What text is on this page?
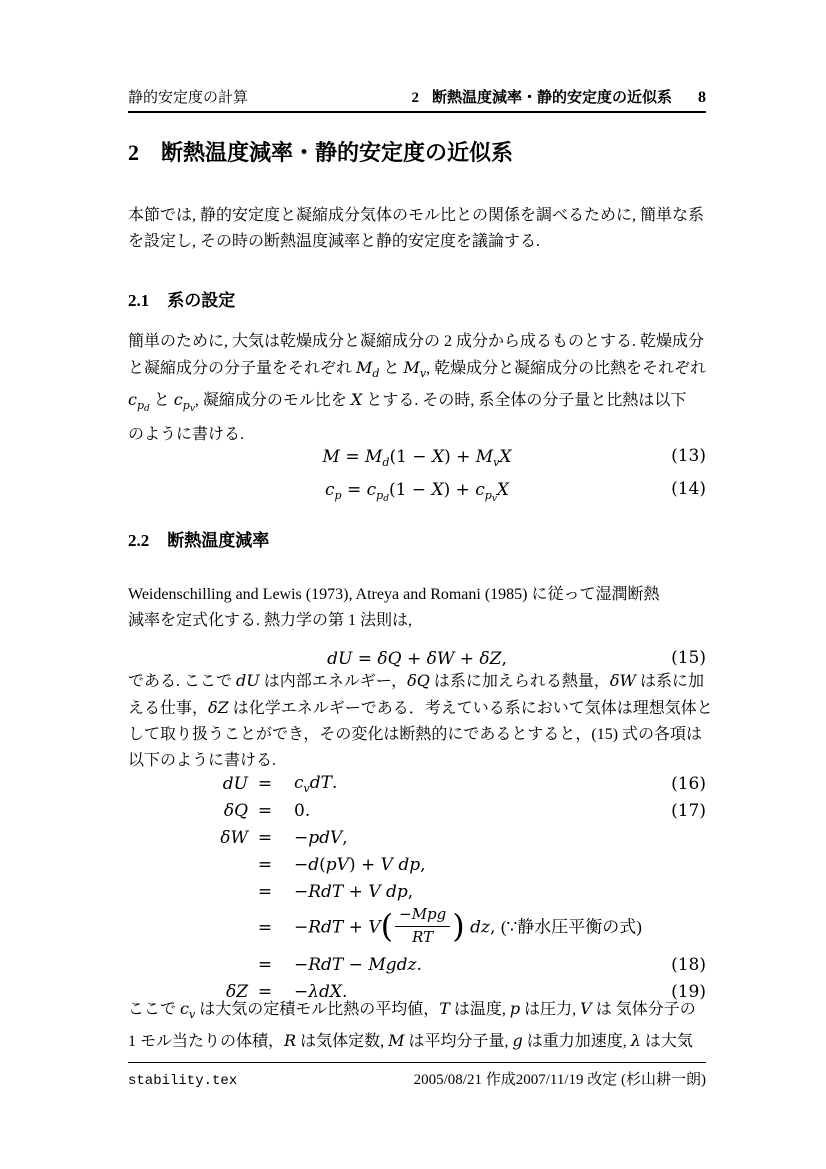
静的安定度の計算	2 断熱温度減率・静的安定度の近似系 8
2 断熱温度減率・静的安定度の近似系
本節では, 静的安定度と凝縮成分気体のモル比との関係を調べるために, 簡単な系
を設定し, その時の断熱温度減率と静的安定度を議論する.
2.1 系の設定
簡単のために, 大気は乾燥成分と凝縮成分の 2 成分から成るものとする. 乾燥成分
と凝縮成分の分子量をそれぞれ $M_d$ と $M_v$, 乾燥成分と凝縮成分の比熱をそれぞれ
$c_{pd}$ と $c_{pv}$, 凝縮成分のモル比を X とする. その時, 系全体の分子量と比熱は以下
のように書ける.
$M = M_d(1 - X) + M_vX$	(13)
$c_p = c_{pd}(1 - X) + c_{pv}X$	(14)
2.2 断熱温度減率
Weidenschilling and Lewis (1973), Atreya and Romani (1985) に従って湿潤断熱
減率を定式化する. 熱力学の第 1 法則は,
dU = δQ + δW + δZ,	(15)
である. ここで dU は内部エネルギー，δQ は系に加えられる熱量，δW は系に加
える仕事，δZ は化学エネルギーである．考えている系において気体は理想気体と
して取り扱うことができ，その変化は断熱的にであるとすると，(15) 式の各項は
以下のように書ける.
dU =	$c_vdT$.	(16)
δQ =	0.	(17)
δW =	−pdV,
=	−d(pV) + V dp,
=	−RdT + V dp,
=	$-RdT + V( \frac{\text{−Mpg}}{RT}$ ) dz, (∵静水圧平衡の式)
=	−RdT − Mgdz.	(18)
δZ =	−λdX.	(19)
ここで $c_v$ は大気の定積モル比熱の平均値，T は温度, p は圧力, V は 気体分子の
1 モル当たりの体積，R は気体定数, M は平均分子量, g は重力加速度, λ は大気
stability.tex	2005/08/21 作成2007/11/19 改定 (杉山耕一朗)
